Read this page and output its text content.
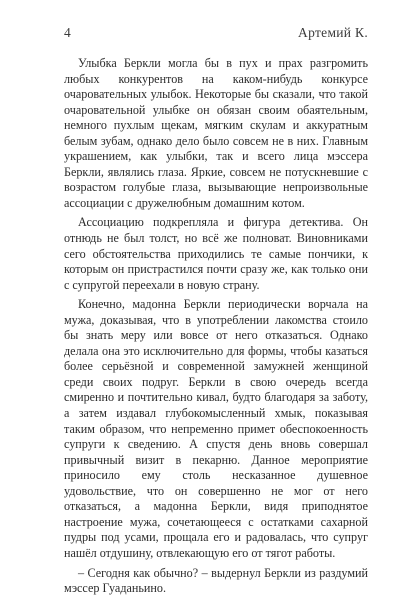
4	Артемий К.

Улыбка Беркли могла бы в пух и прах разгромить любых конкурентов на каком-нибудь конкурсе очаровательных улыбок. Некоторые бы сказали, что такой очаровательной улыбке он обязан своим обаятельным, немного пухлым щекам, мягким скулам и аккуратным белым зубам, однако дело было совсем не в них. Главным украшением, как улыбки, так и всего лица мэссера Беркли, являлись глаза. Яркие, совсем не потускневшие с возрастом голубые глаза, вызывающие непроизвольные ассоциации с дружелюбным домашним котом.

Ассоциацию подкрепляла и фигура детектива. Он отнюдь не был толст, но всё же полноват. Виновниками сего обстоятельства приходились те самые пончики, к которым он пристрастился почти сразу же, как только они с супругой переехали в новую страну.

Конечно, мадонна Беркли периодически ворчала на мужа, доказывая, что в употреблении лакомства стоило бы знать меру или вовсе от него отказаться. Однако делала она это исключительно для формы, чтобы казаться более серьёзной и современной замужней женщиной среди своих подруг. Беркли в свою очередь всегда смиренно и почтительно кивал, будто благодаря за заботу, а затем издавал глубокомысленный хмык, показывая таким образом, что непременно примет обеспокоенность супруги к сведению. А спустя день вновь совершал привычный визит в пекарню. Данное мероприятие приносило ему столь несказанное душевное удовольствие, что он совершенно не мог от него отказаться, а мадонна Беркли, видя приподнятое настроение мужа, сочетающееся с остатками сахарной пудры под усами, прощала его и радовалась, что супруг нашёл отдушину, отвлекающую его от тягот работы.

– Сегодня как обычно? – выдернул Беркли из раздумий мэссер Гуаданьино.
